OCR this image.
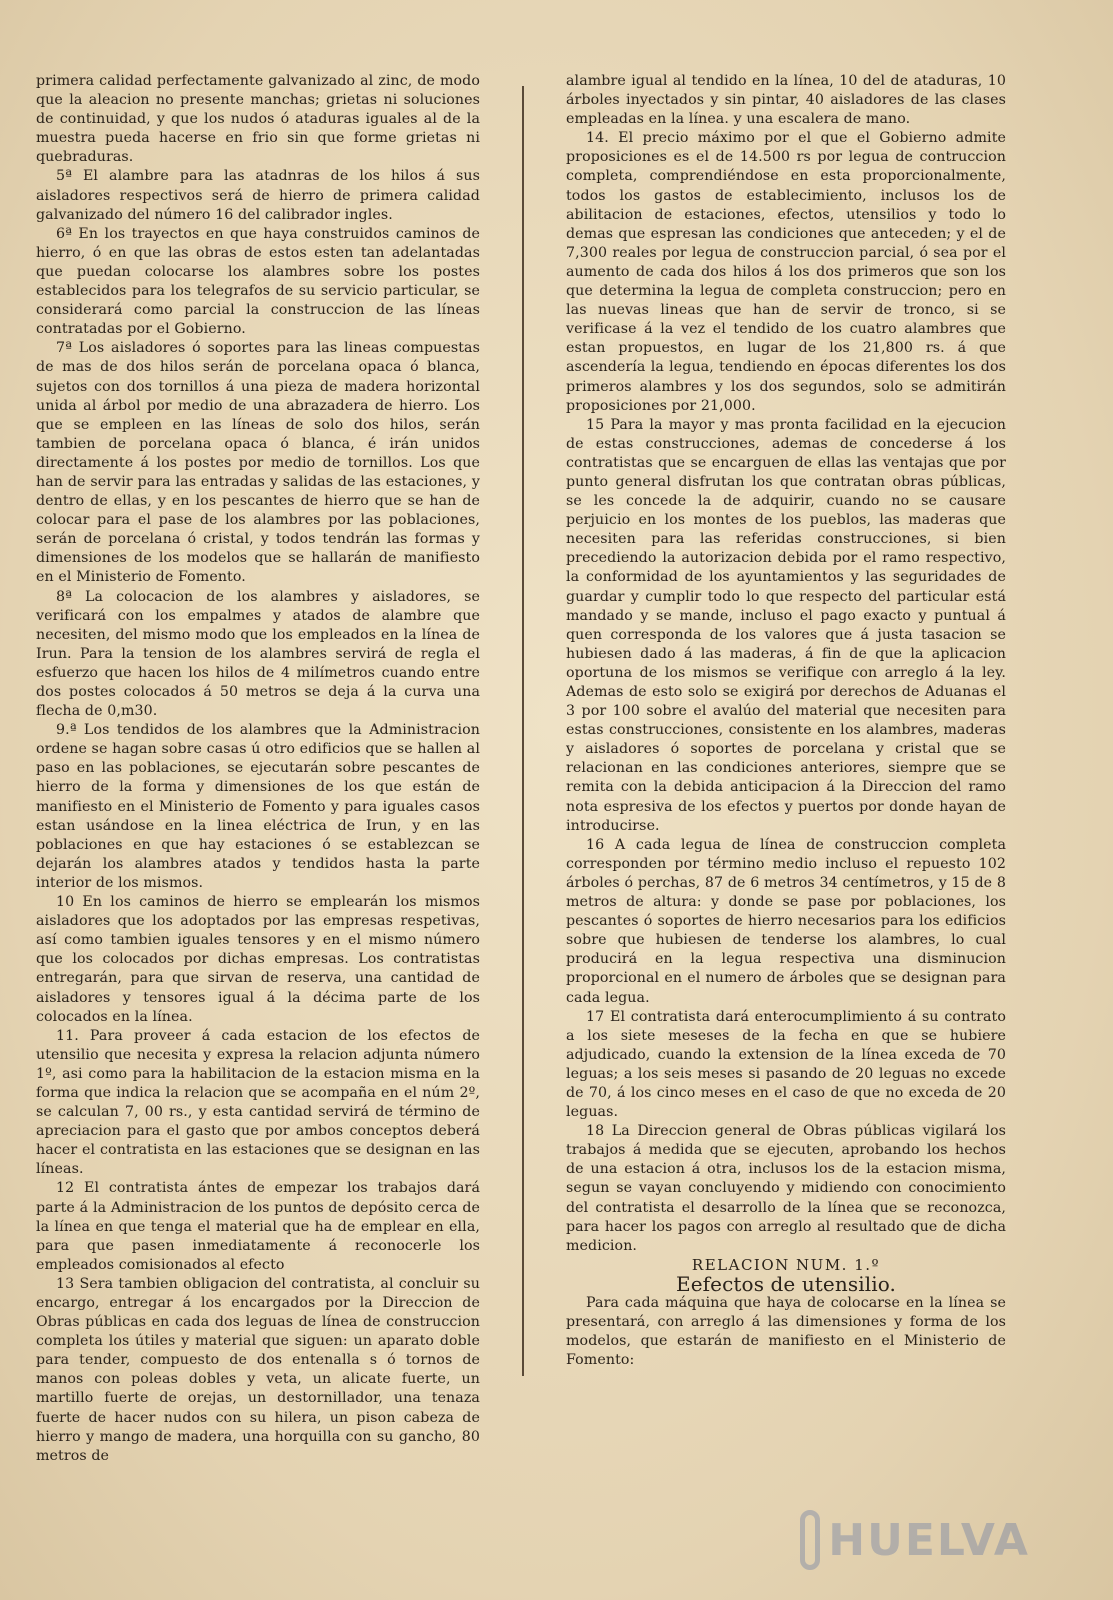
primera calidad perfectamente galvanizado al zinc, de modo que la aleacion no presente manchas; grietas ni soluciones de continuidad, y que los nudos ó ataduras iguales al de la muestra pueda hacerse en frio sin que forme grietas ni quebraduras.

5ª El alambre para las atadnras de los hilos á sus aisladores respectivos será de hierro de primera calidad galvanizado del número 16 del calibrador ingles.

6ª En los trayectos en que haya construidos caminos de hierro, ó en que las obras de estos esten tan adelantadas que puedan colocarse los alambres sobre los postes establecidos para los telegrafos de su servicio particular, se considerará como parcial la construccion de las líneas contratadas por el Gobierno.

7ª Los aisladores ó soportes para las lineas compuestas de mas de dos hilos serán de porcelana opaca ó blanca, sujetos con dos tornillos á una pieza de madera horizontal unida al árbol por medio de una abrazadera de hierro. Los que se empleen en las líneas de solo dos hilos, serán tambien de porcelana opaca ó blanca, é irán unidos directamente á los postes por medio de tornillos. Los que han de servir para las entradas y salidas de las estaciones, y dentro de ellas, y en los pescantes de hierro que se han de colocar para el pase de los alambres por las poblaciones, serán de porcelana ó cristal, y todos tendrán las formas y dimensiones de los modelos que se hallarán de manifiesto en el Ministerio de Fomento.

8ª La colocacion de los alambres y aisladores, se verificará con los empalmes y atados de alambre que necesiten, del mismo modo que los empleados en la línea de Irun. Para la tension de los alambres servirá de regla el esfuerzo que hacen los hilos de 4 milímetros cuando entre dos postes colocados á 50 metros se deja á la curva una flecha de 0,m30.

9.ª Los tendidos de los alambres que la Administracion ordene se hagan sobre casas ú otro edificios que se hallen al paso en las poblaciones, se ejecutarán sobre pescantes de hierro de la forma y dimensiones de los que están de manifiesto en el Ministerio de Fomento y para iguales casos estan usándose en la linea eléctrica de Irun, y en las poblaciones en que hay estaciones ó se establezcan se dejarán los alambres atados y tendidos hasta la parte interior de los mismos.

10 En los caminos de hierro se emplearán los mismos aisladores que los adoptados por las empresas respetivas, así como tambien iguales tensores y en el mismo número que los colocados por dichas empresas. Los contratistas entregarán, para que sirvan de reserva, una cantidad de aisladores y tensores igual á la décima parte de los colocados en la línea.

11. Para proveer á cada estacion de los efectos de utensilio que necesita y expresa la relacion adjunta número 1º, asi como para la habilitacion de la estacion misma en la forma que indica la relacion que se acompaña en el núm 2º, se calculan 7, 00 rs., y esta cantidad servirá de término de apreciacion para el gasto que por ambos conceptos deberá hacer el contratista en las estaciones que se designan en las líneas.

12 El contratista ántes de empezar los trabajos dará parte á la Administracion de los puntos de depósito cerca de la línea en que tenga el material que ha de emplear en ella, para que pasen inmediatamente á reconocerle los empleados comisionados al efecto

13 Sera tambien obligacion del contratista, al concluir su encargo, entregar á los encargados por la Direccion de Obras públicas en cada dos leguas de línea de construccion completa los útiles y material que siguen: un aparato doble para tender, compuesto de dos entenalla s ó tornos de manos con poleas dobles y veta, un alicate fuerte, un martillo fuerte de orejas, un destornillador, una tenaza fuerte de hacer nudos con su hilera, un pison cabeza de hierro y mango de madera, una horquilla con su gancho, 80 metros de

alambre igual al tendido en la línea, 10 del de ataduras, 10 árboles inyectados y sin pintar, 40 aisladores de las clases empleadas en la línea. y una escalera de mano.

14. El precio máximo por el que el Gobierno admite proposiciones es el de 14.500 rs por legua de contruccion completa, comprendiéndose en esta proporcionalmente, todos los gastos de establecimiento, inclusos los de abilitacion de estaciones, efectos, utensilios y todo lo demas que espresan las condiciones que anteceden; y el de 7,300 reales por legua de construccion parcial, ó sea por el aumento de cada dos hilos á los dos primeros que son los que determina la legua de completa construccion; pero en las nuevas lineas que han de servir de tronco, si se verificase á la vez el tendido de los cuatro alambres que estan propuestos, en lugar de los 21,800 rs. á que ascendería la legua, tendiendo en épocas diferentes los dos primeros alambres y los dos segundos, solo se admitirán proposiciones por 21,000.

15 Para la mayor y mas pronta facilidad en la ejecucion de estas construcciones, ademas de concederse á los contratistas que se encarguen de ellas las ventajas que por punto general disfrutan los que contratan obras públicas, se les concede la de adquirir, cuando no se causare perjuicio en los montes de los pueblos, las maderas que necesiten para las referidas construcciones, si bien precediendo la autorizacion debida por el ramo respectivo, la conformidad de los ayuntamientos y las seguridades de guardar y cumplir todo lo que respecto del particular está mandado y se mande, incluso el pago exacto y puntual á quen corresponda de los valores que á justa tasacion se hubiesen dado á las maderas, á fin de que la aplicacion oportuna de los mismos se verifique con arreglo á la ley. Ademas de esto solo se exigirá por derechos de Aduanas el 3 por 100 sobre el avalúo del material que necesiten para estas construcciones, consistente en los alambres, maderas y aisladores ó soportes de porcelana y cristal que se relacionan en las condiciones anteriores, siempre que se remita con la debida anticipacion á la Direccion del ramo nota espresiva de los efectos y puertos por donde hayan de introducirse.

16 A cada legua de línea de construccion completa corresponden por término medio incluso el repuesto 102 árboles ó perchas, 87 de 6 metros 34 centímetros, y 15 de 8 metros de altura: y donde se pase por poblaciones, los pescantes ó soportes de hierro necesarios para los edificios sobre que hubiesen de tenderse los alambres, lo cual producirá en la legua respectiva una disminucion proporcional en el numero de árboles que se designan para cada legua.

17 El contratista dará enterocumplimiento á su contrato a los siete meseses de la fecha en que se hubiere adjudicado, cuando la extension de la línea exceda de 70 leguas; a los seis meses si pasando de 20 leguas no excede de 70, á los cinco meses en el caso de que no exceda de 20 leguas.

18 La Direccion general de Obras públicas vigilará los trabajos á medida que se ejecuten, aprobando los hechos de una estacion á otra, inclusos los de la estacion misma, segun se vayan concluyendo y midiendo con conocimiento del contratista el desarrollo de la línea que se reconozca, para hacer los pagos con arreglo al resultado que de dicha medicion.

RELACION NUM. 1.º

Eefectos de utensilio.

Para cada máquina que haya de colocarse en la línea se presentará, con arreglo á las dimensiones y forma de los modelos, que estarán de manifiesto en el Ministerio de Fomento:

HUELVA
